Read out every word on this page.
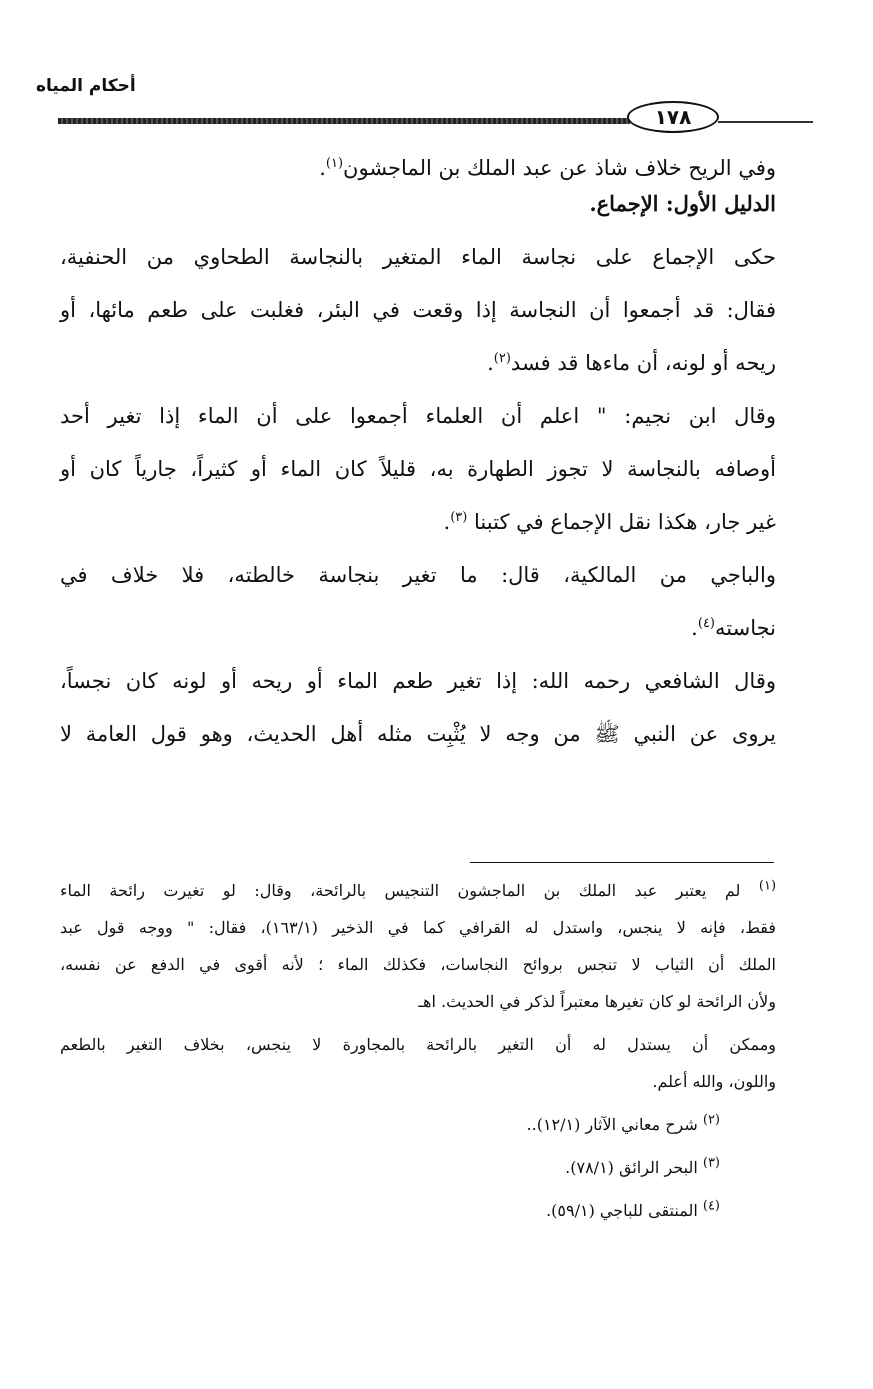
أحكام المياه
١٧٨

وفي الريح خلاف شاذ عن عبد الملك بن الماجشون$^{(١)}$.

الدليل الأول: الإجماع.

حكى الإجماع على نجاسة الماء المتغير بالنجاسة الطحاوي من الحنفية،

فقال: قد أجمعوا أن النجاسة إذا وقعت في البئر، فغلبت على طعم مائها، أو

ريحه أو لونه، أن ماءها قد فسد$^{(٢)}$.

وقال ابن نجيم: " اعلم أن العلماء أجمعوا على أن الماء إذا تغير أحد

أوصافه بالنجاسة لا تجوز الطهارة به، قليلاً كان الماء أو كثيراً، جارياً كان أو

غير جار، هكذا نقل الإجماع في كتبنا $^{(٣)}$.

والباجي من المالكية، قال: ما تغير بنجاسة خالطته، فلا خلاف في

نجاسته$^{(٤)}$.

وقال الشافعي رحمه الله: إذا تغير طعم الماء أو ريحه أو لونه كان نجساً،

يروى عن النبي ﷺ من وجه لا يُثْبِت مثله أهل الحديث، وهو قول العامة لا

$^{(١)}$ لم يعتبر عبد الملك بن الماجشون التنجيس بالرائحة، وقال: لو تغيرت رائحة الماء

فقط، فإنه لا ينجس، واستدل له القرافي كما في الذخير (١٦٣/١)، فقال: " ووجه قول عبد

الملك أن الثياب لا تنجس بروائح النجاسات، فكذلك الماء ؛ لأنه أقوى في الدفع عن نفسه،

ولأن الرائحة لو كان تغيرها معتبراً لذكر في الحديث. اهـ

وممكن أن يستدل له أن التغير بالرائحة بالمجاورة لا ينجس، بخلاف التغير بالطعم

واللون، والله أعلم.

$^{(٢)}$ شرح معاني الآثار (١٢/١)..

$^{(٣)}$ البحر الرائق (٧٨/١).

$^{(٤)}$ المنتقى للباجي (٥٩/١).
